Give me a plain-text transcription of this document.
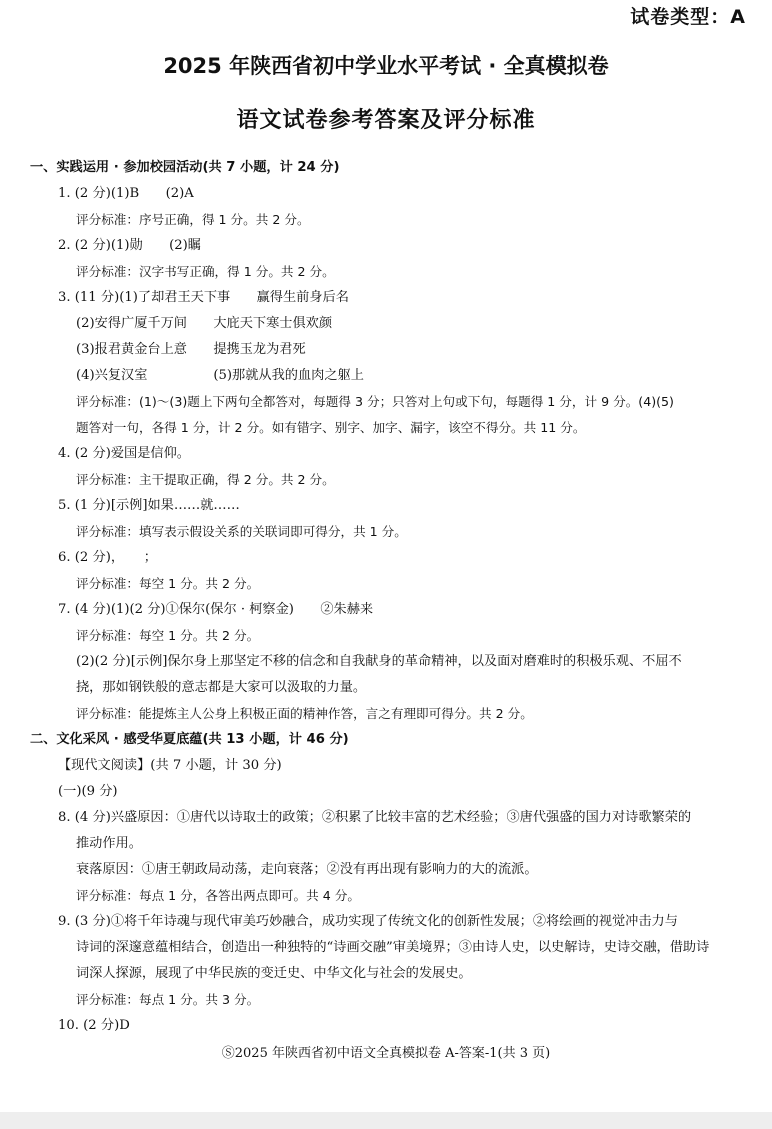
试卷类型：A
2025 年陕西省初中学业水平考试 · 全真模拟卷
语文试卷参考答案及评分标准
一、实践运用 · 参加校园活动(共 7 小题，计 24 分)
1. (2 分)(1)B　　(2)A
评分标准：序号正确，得 1 分。共 2 分。
2. (2 分)(1)勋　　(2)瞩
评分标准：汉字书写正确，得 1 分。共 2 分。
3. (11 分)(1)了却君王天下事　　赢得生前身后名
(2)安得广厦千万间　　大庇天下寒士俱欢颜
(3)报君黄金台上意　　提携玉龙为君死
(4)兴复汉室　　　　　(5)那就从我的血肉之躯上
评分标准：(1)～(3)题上下两句全都答对，每题得 3 分；只答对上句或下句，每题得 1 分，计 9 分。(4)(5)
题答对一句，各得 1 分，计 2 分。如有错字、别字、加字、漏字，该空不得分。共 11 分。
4. (2 分)爱国是信仰。
评分标准：主干提取正确，得 2 分。共 2 分。
5. (1 分)[示例]如果……就……
评分标准：填写表示假设关系的关联词即可得分，共 1 分。
6. (2 分)，　　；
评分标准：每空 1 分。共 2 分。
7. (4 分)(1)(2 分)①保尔(保尔 · 柯察金)　　②朱赫来
评分标准：每空 1 分。共 2 分。
(2)(2 分)[示例]保尔身上那坚定不移的信念和自我献身的革命精神，以及面对磨难时的积极乐观、不屈不
挠，那如钢铁般的意志都是大家可以汲取的力量。
评分标准：能提炼主人公身上积极正面的精神作答，言之有理即可得分。共 2 分。
二、文化采风 · 感受华夏底蕴(共 13 小题，计 46 分)
【现代文阅读】(共 7 小题，计 30 分)
(一)(9 分)
8. (4 分)兴盛原因：①唐代以诗取士的政策；②积累了比较丰富的艺术经验；③唐代强盛的国力对诗歌繁荣的
推动作用。
衰落原因：①唐王朝政局动荡，走向衰落；②没有再出现有影响力的大的流派。
评分标准：每点 1 分，各答出两点即可。共 4 分。
9. (3 分)①将千年诗魂与现代审美巧妙融合，成功实现了传统文化的创新性发展；②将绘画的视觉冲击力与
诗词的深邃意蕴相结合，创造出一种独特的“诗画交融”审美境界；③由诗人史，以史解诗，史诗交融，借助诗
词深人探源，展现了中华民族的变迁史、中华文化与社会的发展史。
评分标准：每点 1 分。共 3 分。
10. (2 分)D
Ⓢ2025 年陕西省初中语文全真模拟卷 A-答案-1(共 3 页)
